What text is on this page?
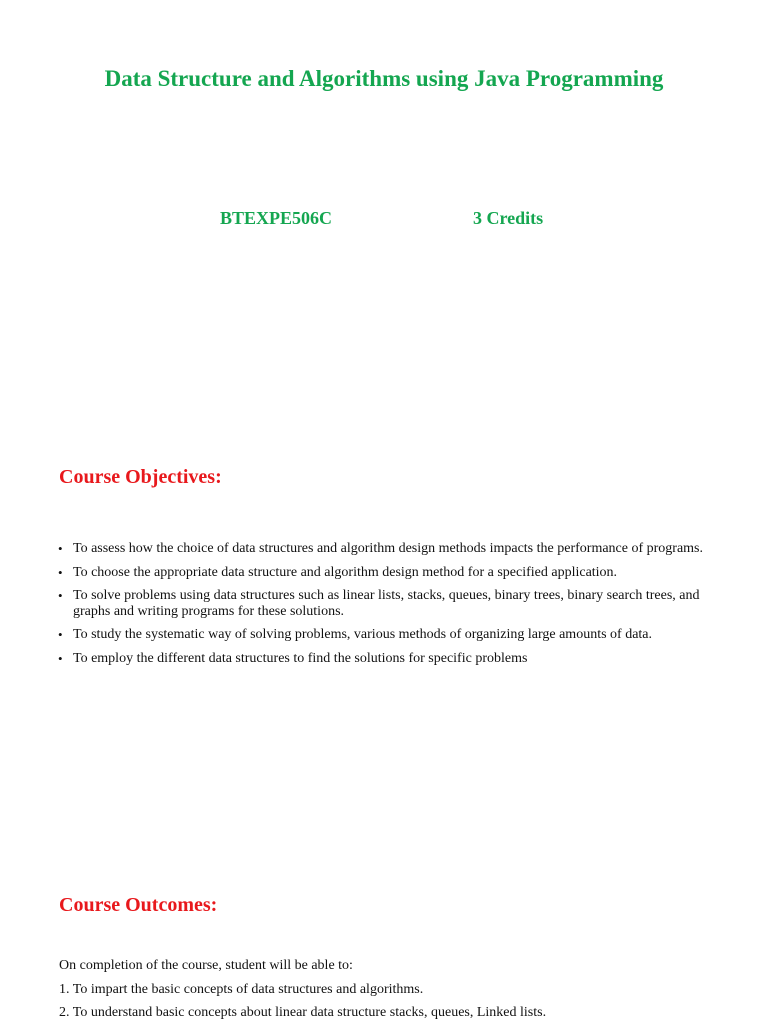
Data Structure and Algorithms using Java Programming
BTEXPE506C	3 Credits
Course Objectives:
• To assess how the choice of data structures and algorithm design methods impacts the performance of programs.
• To choose the appropriate data structure and algorithm design method for a specified application.
• To solve problems using data structures such as linear lists, stacks, queues, binary trees, binary search trees, and graphs and writing programs for these solutions.
• To study the systematic way of solving problems, various methods of organizing large amounts of data.
• To employ the different data structures to find the solutions for specific problems
Course Outcomes:

On completion of the course, student will be able to:

1. To impart the basic concepts of data structures and algorithms.

2. To understand basic concepts about linear data structure stacks, queues, Linked lists.
